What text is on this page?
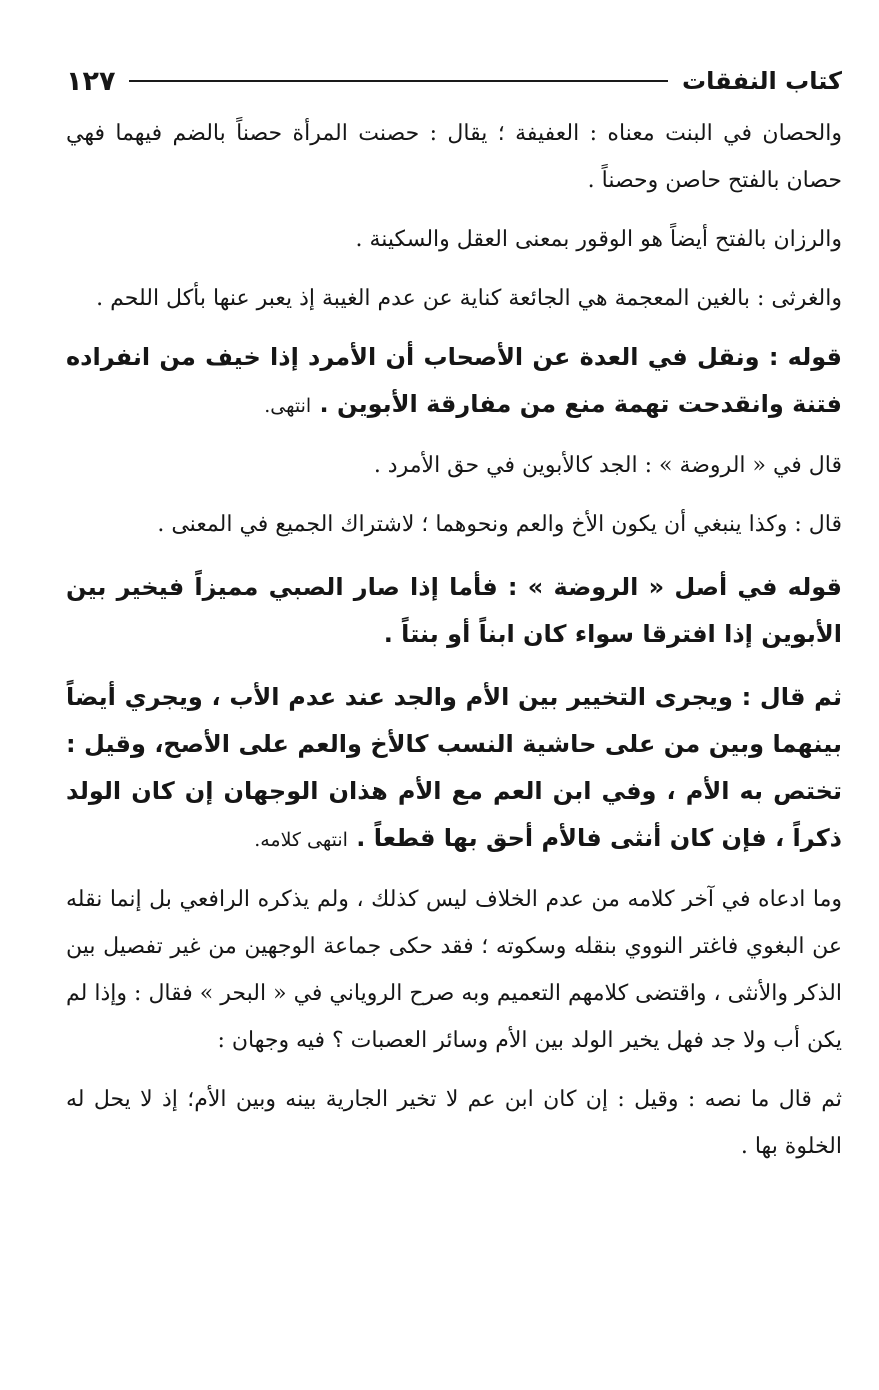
كتاب النفقات
١٢٧

والحصان في البنت معناه : العفيفة ؛ يقال : حصنت المرأة حصناً بالضم فيهما فهي حصان بالفتح حاصن وحصناً .

والرزان بالفتح أيضاً هو الوقور بمعنى العقل والسكينة .

والغرثى : بالغين المعجمة هي الجائعة كناية عن عدم الغيبة إذ يعبر عنها بأكل اللحم .

قوله : ونقل في العدة عن الأصحاب أن الأمرد إذا خيف من انفراده فتنة وانقدحت تهمة منع من مفارقة الأبوين . انتهى.

قال في « الروضة » : الجد كالأبوين في حق الأمرد .

قال : وكذا ينبغي أن يكون الأخ والعم ونحوهما ؛ لاشتراك الجميع في المعنى .

قوله في أصل « الروضة » : فأما إذا صار الصبي مميزاً فيخير بين الأبوين إذا افترقا سواء كان ابناً أو بنتاً .

ثم قال : ويجرى التخيير بين الأم والجد عند عدم الأب ، ويجري أيضاً بينهما وبين من على حاشية النسب كالأخ والعم على الأصح، وقيل : تختص به الأم ، وفي ابن العم مع الأم هذان الوجهان إن كان الولد ذكراً ، فإن كان أنثى فالأم أحق بها قطعاً . انتهى كلامه.

وما ادعاه في آخر كلامه من عدم الخلاف ليس كذلك ، ولم يذكره الرافعي بل إنما نقله عن البغوي فاغتر النووي بنقله وسكوته ؛ فقد حكى جماعة الوجهين من غير تفصيل بين الذكر والأنثى ، واقتضى كلامهم التعميم وبه صرح الروياني في « البحر » فقال : وإذا لم يكن أب ولا جد فهل يخير الولد بين الأم وسائر العصبات ؟ فيه وجهان :

ثم قال ما نصه : وقيل : إن كان ابن عم لا تخير الجارية بينه وبين الأم؛ إذ لا يحل له الخلوة بها .
